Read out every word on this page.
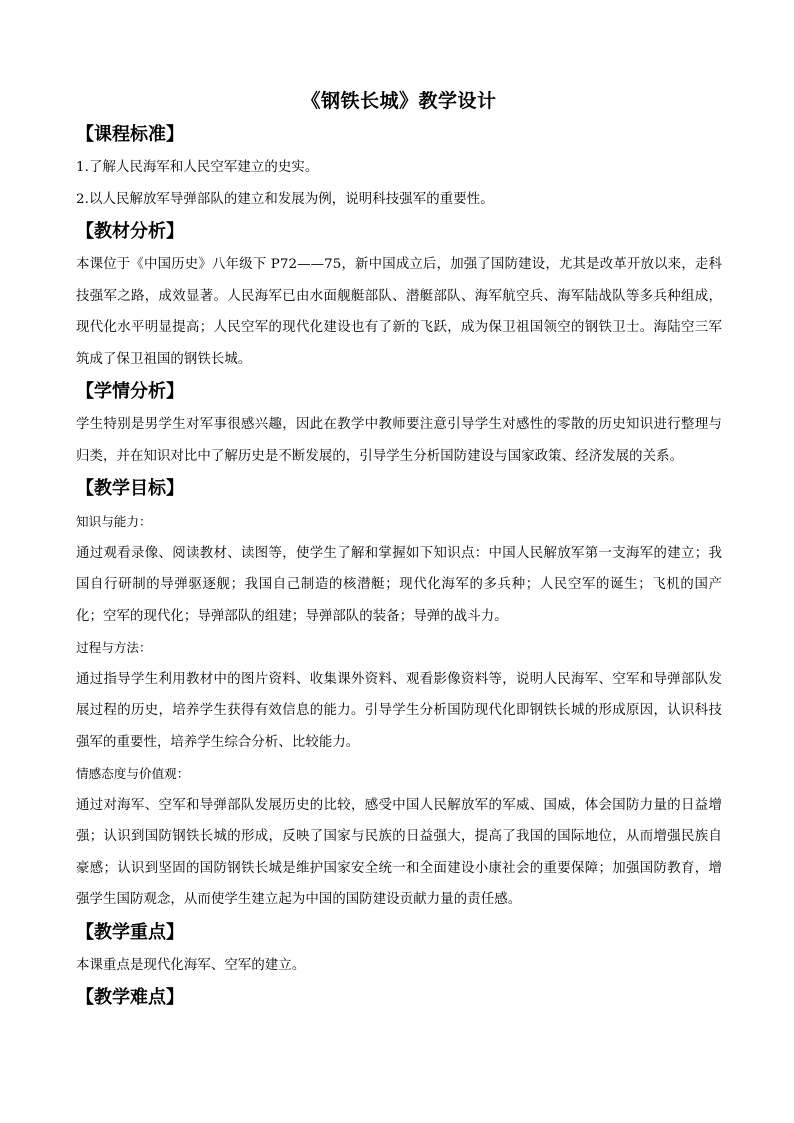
《钢铁长城》教学设计
【课程标准】

1.了解人民海军和人民空军建立的史实。

2.以人民解放军导弹部队的建立和发展为例，说明科技强军的重要性。

【教材分析】

本课位于《中国历史》八年级下 P72——75，新中国成立后，加强了国防建设，尤其是改革开放以来，走科技强军之路，成效显著。人民海军已由水面舰艇部队、潜艇部队、海军航空兵、海军陆战队等多兵种组成，现代化水平明显提高；人民空军的现代化建设也有了新的飞跃，成为保卫祖国领空的钢铁卫士。海陆空三军筑成了保卫祖国的钢铁长城。

【学情分析】

学生特别是男学生对军事很感兴趣，因此在教学中教师要注意引导学生对感性的零散的历史知识进行整理与归类，并在知识对比中了解历史是不断发展的，引导学生分析国防建设与国家政策、经济发展的关系。

【教学目标】

知识与能力：

通过观看录像、阅读教材、读图等，使学生了解和掌握如下知识点：中国人民解放军第一支海军的建立；我国自行研制的导弹驱逐舰；我国自己制造的核潜艇；现代化海军的多兵种；人民空军的诞生；飞机的国产化；空军的现代化；导弹部队的组建；导弹部队的装备；导弹的战斗力。

过程与方法：

通过指导学生利用教材中的图片资料、收集课外资料、观看影像资料等，说明人民海军、空军和导弹部队发展过程的历史，培养学生获得有效信息的能力。引导学生分析国防现代化即钢铁长城的形成原因，认识科技强军的重要性，培养学生综合分析、比较能力。

情感态度与价值观：

通过对海军、空军和导弹部队发展历史的比较，感受中国人民解放军的军威、国威，体会国防力量的日益增强；认识到国防钢铁长城的形成，反映了国家与民族的日益强大，提高了我国的国际地位，从而增强民族自豪感；认识到坚固的国防钢铁长城是维护国家安全统一和全面建设小康社会的重要保障；加强国防教育，增强学生国防观念，从而使学生建立起为中国的国防建设贡献力量的责任感。

【教学重点】

本课重点是现代化海军、空军的建立。

【教学难点】
